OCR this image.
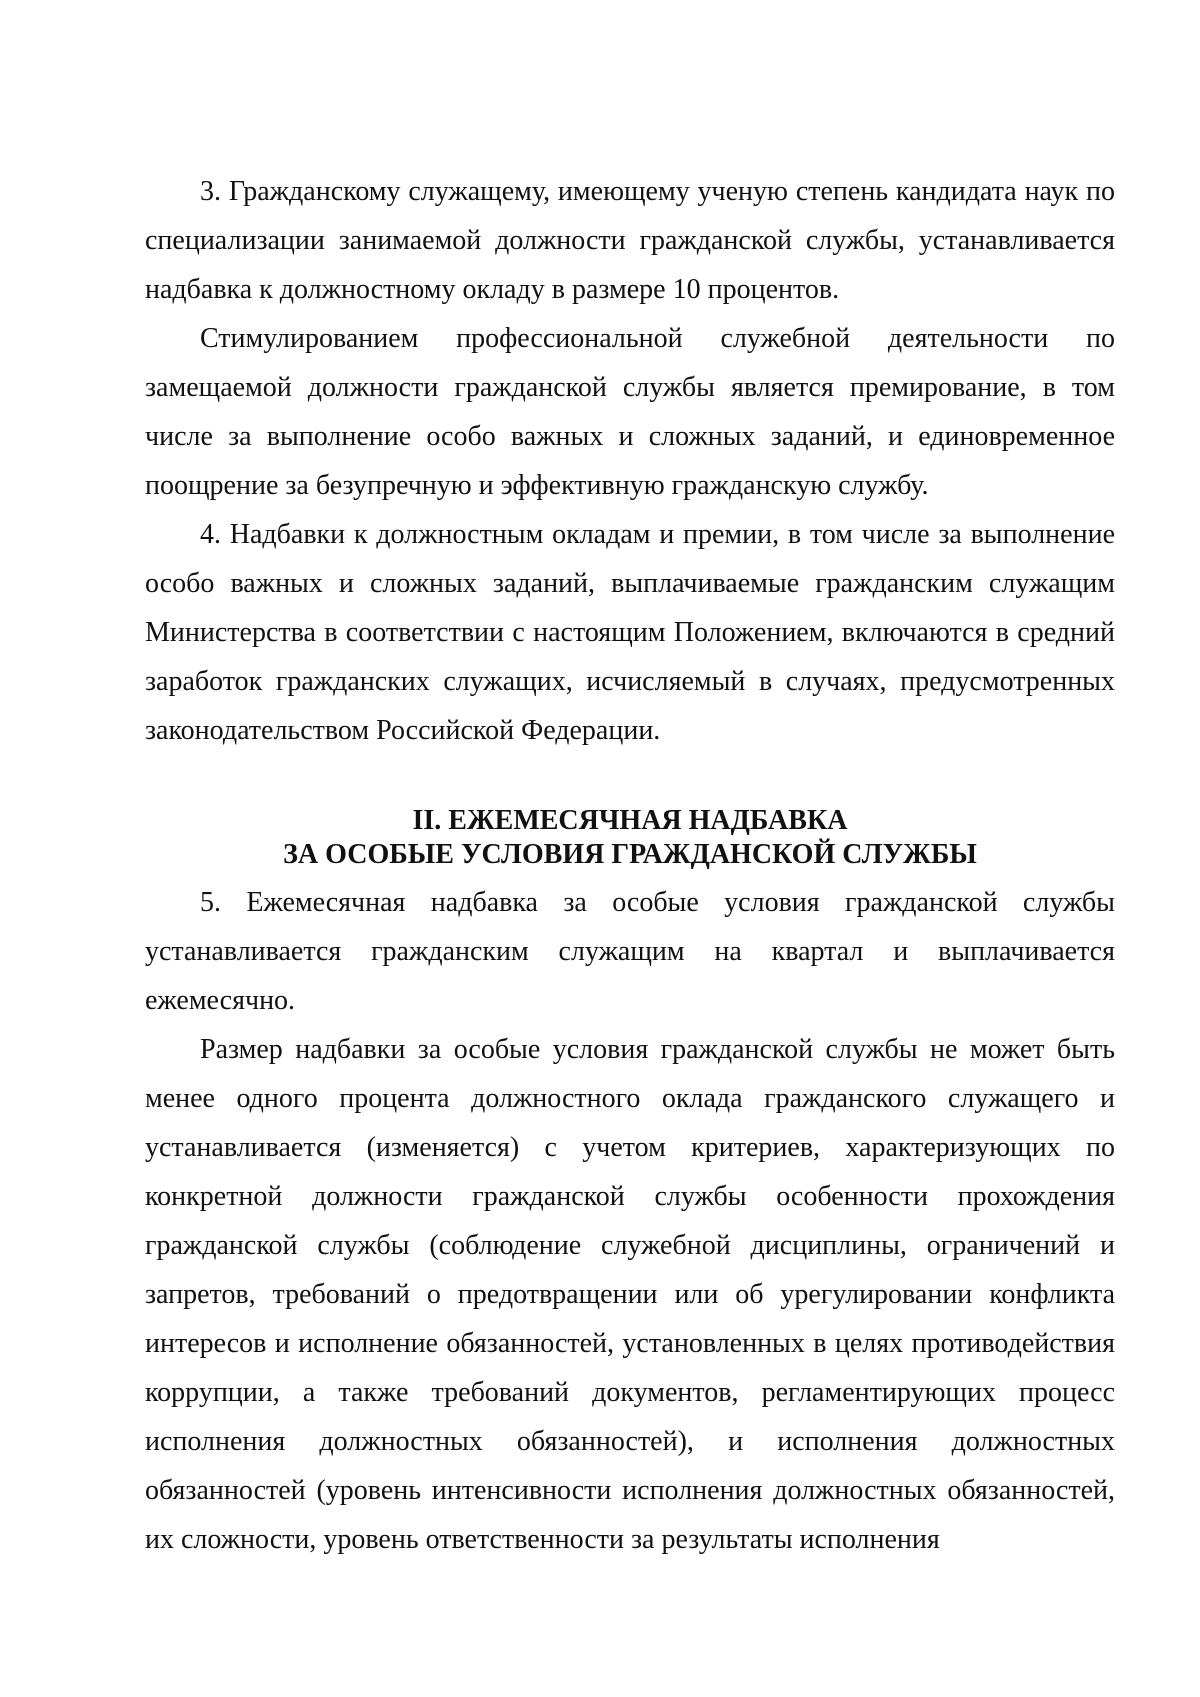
3. Гражданскому служащему, имеющему ученую степень кандидата наук по специализации занимаемой должности гражданской службы, устанавливается надбавка к должностному окладу в размере 10 процентов.

Стимулированием профессиональной служебной деятельности по замещаемой должности гражданской службы является премирование, в том числе за выполнение особо важных и сложных заданий, и единовременное поощрение за безупречную и эффективную гражданскую службу.

4. Надбавки к должностным окладам и премии, в том числе за выполнение особо важных и сложных заданий, выплачиваемые гражданским служащим Министерства в соответствии с настоящим Положением, включаются в средний заработок гражданских служащих, исчисляемый в случаях, предусмотренных законодательством Российской Федерации.

II. ЕЖЕМЕСЯЧНАЯ НАДБАВКА
ЗА ОСОБЫЕ УСЛОВИЯ ГРАЖДАНСКОЙ СЛУЖБЫ

5. Ежемесячная надбавка за особые условия гражданской службы устанавливается гражданским служащим на квартал и выплачивается ежемесячно.

Размер надбавки за особые условия гражданской службы не может быть менее одного процента должностного оклада гражданского служащего и устанавливается (изменяется) с учетом критериев, характеризующих по конкретной должности гражданской службы особенности прохождения гражданской службы (соблюдение служебной дисциплины, ограничений и запретов, требований о предотвращении или об урегулировании конфликта интересов и исполнение обязанностей, установленных в целях противодействия коррупции, а также требований документов, регламентирующих процесс исполнения должностных обязанностей), и исполнения должностных обязанностей (уровень интенсивности исполнения должностных обязанностей, их сложности, уровень ответственности за результаты исполнения
